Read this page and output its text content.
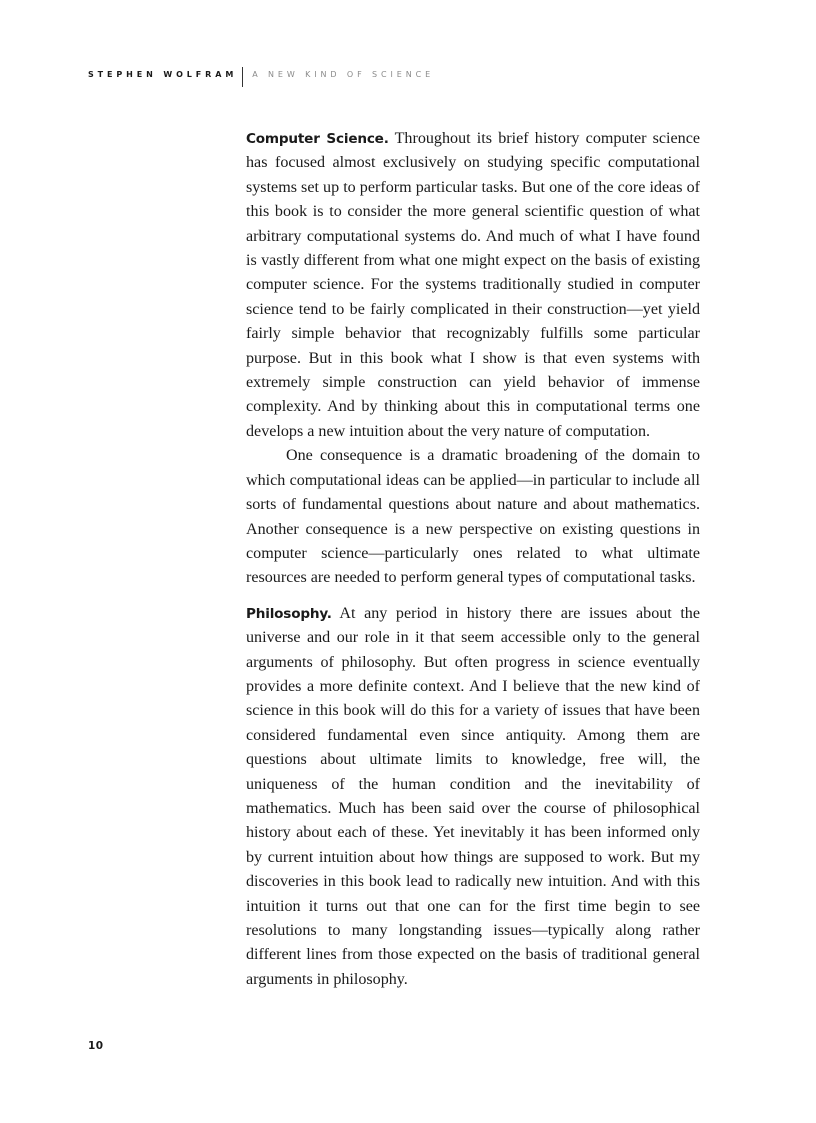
STEPHEN WOLFRAM A NEW KIND OF SCIENCE

Computer Science. Throughout its brief history computer science has focused almost exclusively on studying specific computational systems set up to perform particular tasks. But one of the core ideas of this book is to consider the more general scientific question of what arbitrary computational systems do. And much of what I have found is vastly different from what one might expect on the basis of existing computer science. For the systems traditionally studied in computer science tend to be fairly complicated in their construction—yet yield fairly simple behavior that recognizably fulfills some particular purpose. But in this book what I show is that even systems with extremely simple construction can yield behavior of immense complexity. And by thinking about this in computational terms one develops a new intuition about the very nature of computation.

One consequence is a dramatic broadening of the domain to which computational ideas can be applied—in particular to include all sorts of fundamental questions about nature and about mathematics. Another consequence is a new perspective on existing questions in computer science—particularly ones related to what ultimate resources are needed to perform general types of computational tasks.

Philosophy. At any period in history there are issues about the universe and our role in it that seem accessible only to the general arguments of philosophy. But often progress in science eventually provides a more definite context. And I believe that the new kind of science in this book will do this for a variety of issues that have been considered fundamental even since antiquity. Among them are questions about ultimate limits to knowledge, free will, the uniqueness of the human condition and the inevitability of mathematics. Much has been said over the course of philosophical history about each of these. Yet inevitably it has been informed only by current intuition about how things are supposed to work. But my discoveries in this book lead to radically new intuition. And with this intuition it turns out that one can for the first time begin to see resolutions to many longstanding issues—typically along rather different lines from those expected on the basis of traditional general arguments in philosophy.

10
